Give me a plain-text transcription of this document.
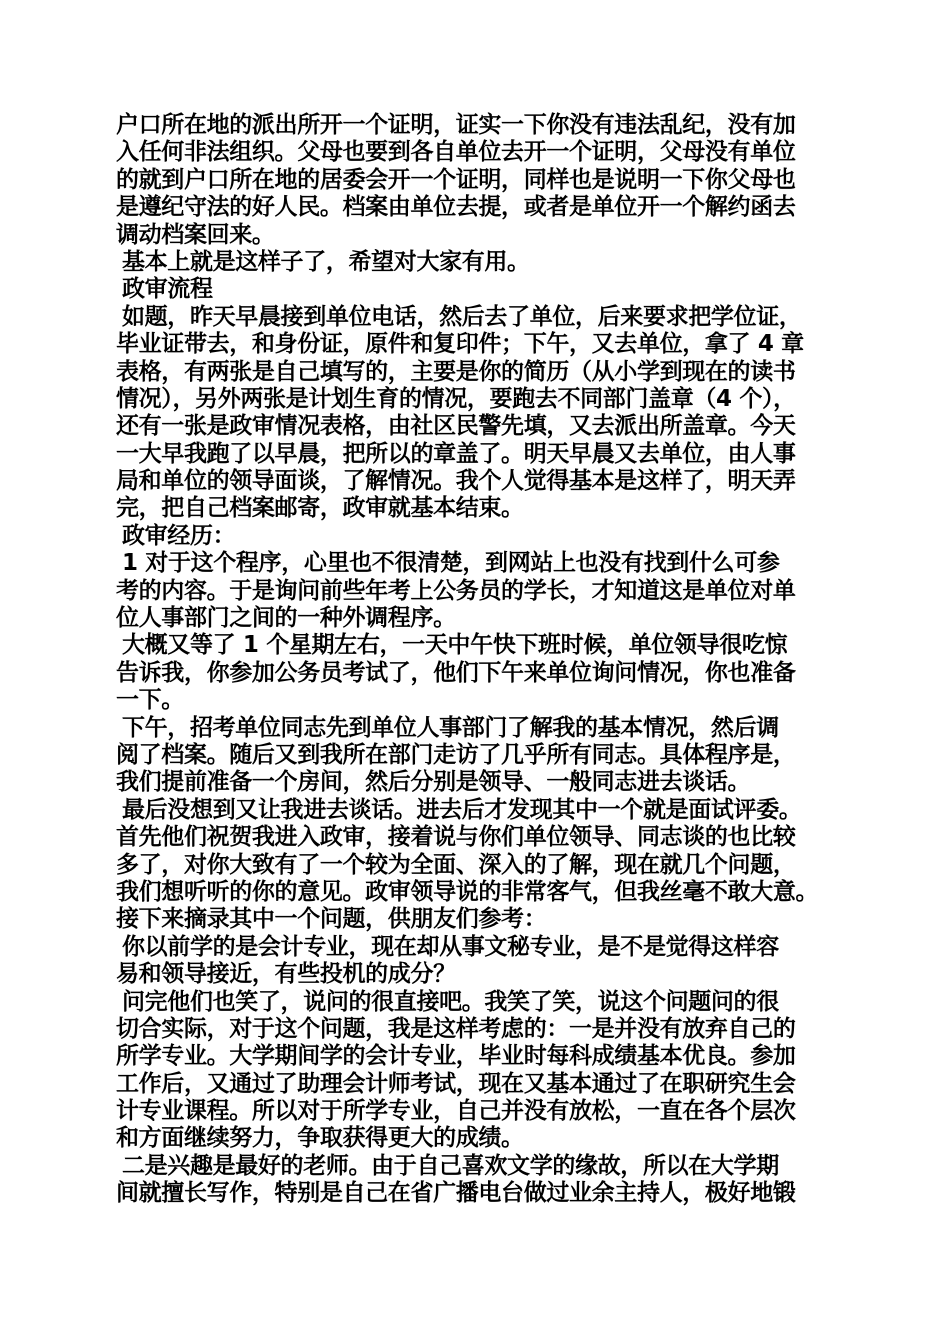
户口所在地的派出所开一个证明，证实一下你没有违法乱纪，没有加
入任何非法组织。父母也要到各自单位去开一个证明，父母没有单位
的就到户口所在地的居委会开一个证明，同样也是说明一下你父母也
是遵纪守法的好人民。档案由单位去提，或者是单位开一个解约函去
调动档案回来。
基本上就是这样子了，希望对大家有用。
政审流程
如题，昨天早晨接到单位电话，然后去了单位，后来要求把学位证，
毕业证带去，和身份证，原件和复印件；下午，又去单位，拿了 4 章
表格，有两张是自己填写的，主要是你的简历（从小学到现在的读书
情况），另外两张是计划生育的情况，要跑去不同部门盖章（4 个），
还有一张是政审情况表格，由社区民警先填，又去派出所盖章。今天
一大早我跑了以早晨，把所以的章盖了。明天早晨又去单位，由人事
局和单位的领导面谈，了解情况。我个人觉得基本是这样了，明天弄
完，把自己档案邮寄，政审就基本结束。
政审经历：
1 对于这个程序，心里也不很清楚，到网站上也没有找到什么可参
考的内容。于是询问前些年考上公务员的学长，才知道这是单位对单
位人事部门之间的一种外调程序。
大概又等了 1 个星期左右，一天中午快下班时候，单位领导很吃惊
告诉我，你参加公务员考试了，他们下午来单位询问情况，你也准备
一下。
下午，招考单位同志先到单位人事部门了解我的基本情况，然后调
阅了档案。随后又到我所在部门走访了几乎所有同志。具体程序是，
我们提前准备一个房间，然后分别是领导、一般同志进去谈话。
最后没想到又让我进去谈话。进去后才发现其中一个就是面试评委。
首先他们祝贺我进入政审，接着说与你们单位领导、同志谈的也比较
多了，对你大致有了一个较为全面、深入的了解，现在就几个问题，
我们想听听的你的意见。政审领导说的非常客气，但我丝毫不敢大意。
接下来摘录其中一个问题，供朋友们参考：
你以前学的是会计专业，现在却从事文秘专业，是不是觉得这样容
易和领导接近，有些投机的成分？
问完他们也笑了，说问的很直接吧。我笑了笑，说这个问题问的很
切合实际，对于这个问题，我是这样考虑的：一是并没有放弃自己的
所学专业。大学期间学的会计专业，毕业时每科成绩基本优良。参加
工作后，又通过了助理会计师考试，现在又基本通过了在职研究生会
计专业课程。所以对于所学专业，自己并没有放松，一直在各个层次
和方面继续努力，争取获得更大的成绩。
二是兴趣是最好的老师。由于自己喜欢文学的缘故，所以在大学期
间就擅长写作，特别是自己在省广播电台做过业余主持人，极好地锻
